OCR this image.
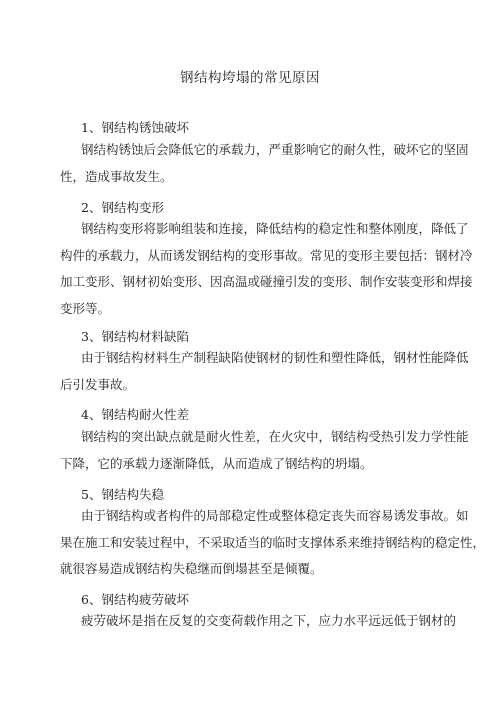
钢结构垮塌的常见原因
1、钢结构锈蚀破坏
钢结构锈蚀后会降低它的承载力，严重影响它的耐久性，破坏它的坚固
性，造成事故发生。
2、钢结构变形
钢结构变形将影响组装和连接，降低结构的稳定性和整体刚度，降低了
构件的承载力，从而诱发钢结构的变形事故。常见的变形主要包括：钢材冷
加工变形、钢材初始变形、因高温或碰撞引发的变形、制作安装变形和焊接
变形等。
3、钢结构材料缺陷
由于钢结构材料生产制程缺陷使钢材的韧性和塑性降低，钢材性能降低
后引发事故。
4、钢结构耐火性差
钢结构的突出缺点就是耐火性差，在火灾中，钢结构受热引发力学性能
下降，它的承载力逐渐降低，从而造成了钢结构的坍塌。
5、钢结构失稳
由于钢结构或者构件的局部稳定性或整体稳定丧失而容易诱发事故。如
果在施工和安装过程中，不采取适当的临时支撑体系来维持钢结构的稳定性，
就很容易造成钢结构失稳继而倒塌甚至是倾覆。
6、钢结构疲劳破坏
疲劳破坏是指在反复的交变荷载作用之下，应力水平远远低于钢材的
